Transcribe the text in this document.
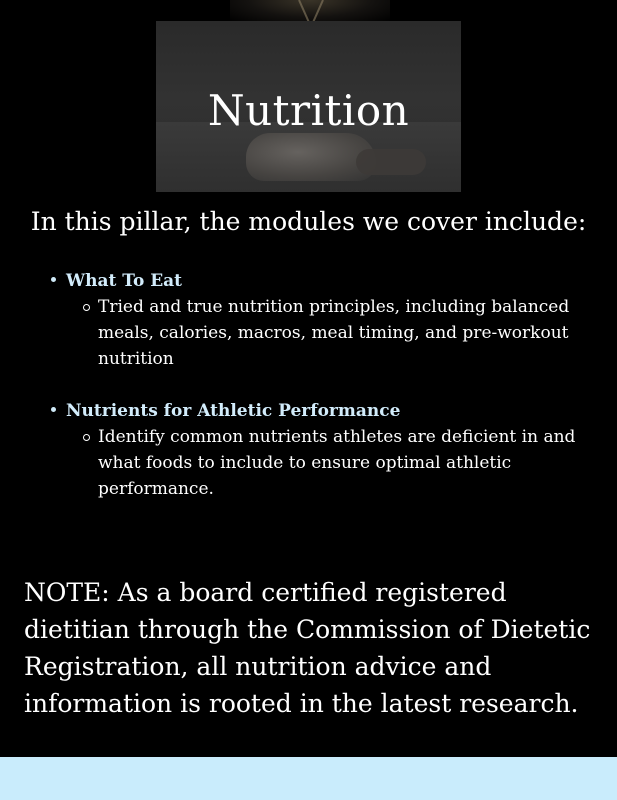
Nutrition
In this pillar, the modules we cover include:
What To Eat
Tried and true nutrition principles, including balanced meals, calories, macros, meal timing, and pre-workout nutrition
Nutrients for Athletic Performance
Identify common nutrients athletes are deficient in and what foods to include to ensure optimal athletic performance.
NOTE: As a board certified registered dietitian through the Commission of Dietetic Registration, all nutrition advice and information is rooted in the latest research.
